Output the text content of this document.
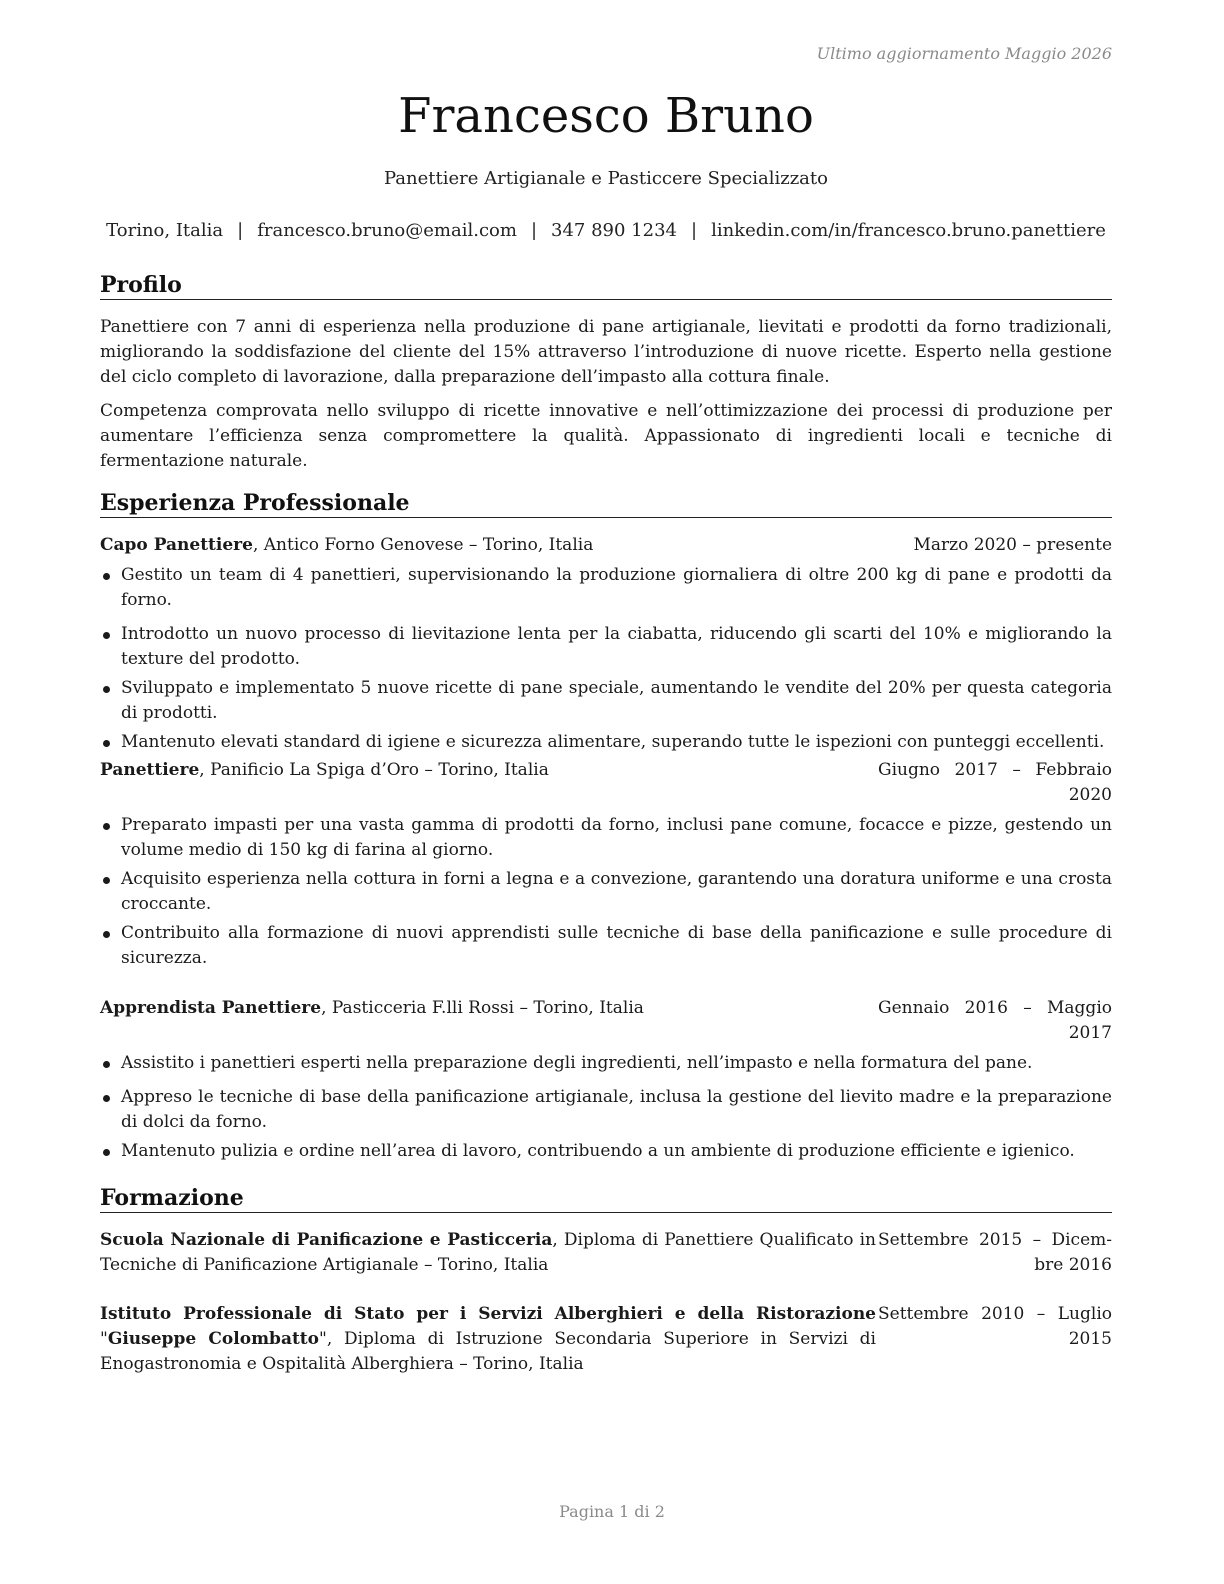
Ultimo aggiornamento Maggio 2026
Francesco Bruno
Panettiere Artigianale e Pasticcere Specializzato
Torino, Italia | francesco.bruno@email.com | 347 890 1234 | linkedin.com/in/francesco.bruno.panettiere
Profilo
Panettiere con 7 anni di esperienza nella produzione di pane artigianale, lievitati e prodotti da forno tradizionali, migliorando la soddisfazione del cliente del 15% attraverso l’introduzione di nuove ricette. Esperto nella gestione del ciclo completo di lavorazione, dalla preparazione dell’impasto alla cottura finale.
Competenza comprovata nello sviluppo di ricette innovative e nell’ottimizzazione dei processi di produzione per aumentare l’efficienza senza compromettere la qualità. Appassionato di ingredienti locali e tecniche di fermentazione naturale.
Esperienza Professionale
Capo Panettiere, Antico Forno Genovese – Torino, Italia	Marzo 2020 – presente
Gestito un team di 4 panettieri, supervisionando la produzione giornaliera di oltre 200 kg di pane e prodotti da forno.
Introdotto un nuovo processo di lievitazione lenta per la ciabatta, riducendo gli scarti del 10% e migliorando la texture del prodotto.
Sviluppato e implementato 5 nuove ricette di pane speciale, aumentando le vendite del 20% per questa categoria di prodotti.
Mantenuto elevati standard di igiene e sicurezza alimentare, superando tutte le ispezioni con punteggi eccellenti.
Panettiere, Panificio La Spiga d’Oro – Torino, Italia	Giugno 2017 – Febbraio 2020
Preparato impasti per una vasta gamma di prodotti da forno, inclusi pane comune, focacce e pizze, gestendo un volume medio di 150 kg di farina al giorno.
Acquisito esperienza nella cottura in forni a legna e a convezione, garantendo una doratura uniforme e una crosta croccante.
Contribuito alla formazione di nuovi apprendisti sulle tecniche di base della panificazione e sulle procedure di sicurezza.
Apprendista Panettiere, Pasticceria F.lli Rossi – Torino, Italia	Gennaio 2016 – Maggio 2017
Assistito i panettieri esperti nella preparazione degli ingredienti, nell’impasto e nella formatura del pane.
Appreso le tecniche di base della panificazione artigianale, inclusa la gestione del lievito madre e la preparazione di dolci da forno.
Mantenuto pulizia e ordine nell’area di lavoro, contribuendo a un ambiente di produzione efficiente e igienico.
Formazione
Scuola Nazionale di Panificazione e Pasticceria, Diploma di Panettiere Qualificato in Tecniche di Panificazione Artigianale – Torino, Italia
Settembre 2015 – Dicem-bre 2016
Istituto Professionale di Stato per i Servizi Alberghieri e della Ristorazione "Giuseppe Colombatto", Diploma di Istruzione Secondaria Superiore in Servizi di Enogastronomia e Ospitalità Alberghiera – Torino, Italia
Settembre 2010 – Luglio 2015
Pagina 1 di 2
